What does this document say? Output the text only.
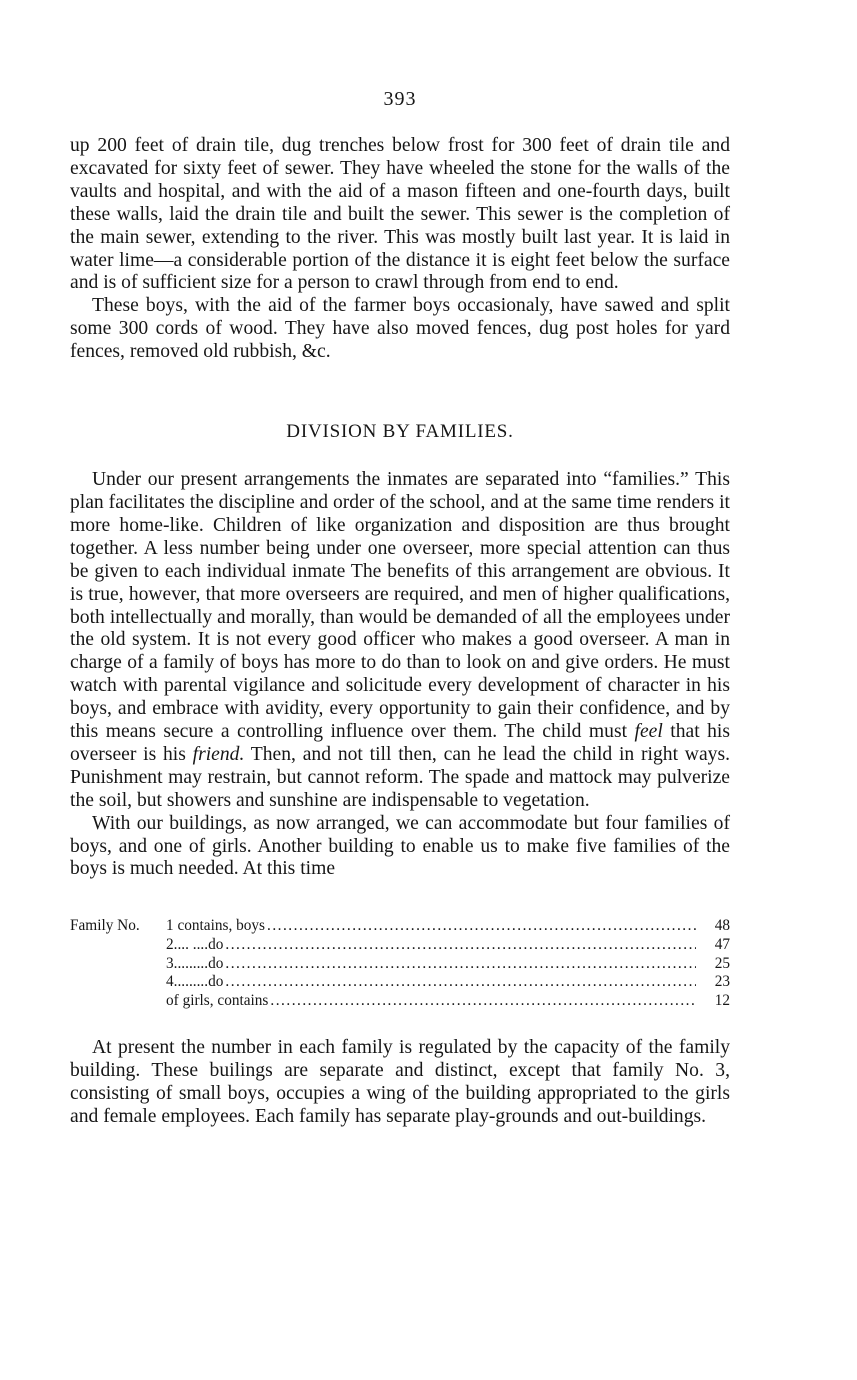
393

up 200 feet of drain tile, dug trenches below frost for 300 feet of drain tile and excavated for sixty feet of sewer. They have wheeled the stone for the walls of the vaults and hospital, and with the aid of a mason fifteen and one-fourth days, built these walls, laid the drain tile and built the sewer. This sewer is the completion of the main sewer, extending to the river. This was mostly built last year. It is laid in water lime—a considerable portion of the distance it is eight feet below the surface and is of sufficient size for a person to crawl through from end to end.

These boys, with the aid of the farmer boys occasionaly, have sawed and split some 300 cords of wood. They have also moved fences, dug post holes for yard fences, removed old rubbish, &c.

DIVISION BY FAMILIES.

Under our present arrangements the inmates are separated into “families.” This plan facilitates the discipline and order of the school, and at the same time renders it more home-like. Children of like organization and disposition are thus brought together. A less number being under one overseer, more special attention can thus be given to each individual inmate The benefits of this arrangement are obvious. It is true, however, that more overseers are required, and men of higher qualifications, both intellectually and morally, than would be demanded of all the employees under the old system. It is not every good officer who makes a good overseer. A man in charge of a family of boys has more to do than to look on and give orders. He must watch with parental vigilance and solicitude every development of character in his boys, and embrace with avidity, every opportunity to gain their confidence, and by this means secure a controlling influence over them. The child must feel that his overseer is his friend. Then, and not till then, can he lead the child in right ways. Punishment may restrain, but cannot reform. The spade and mattock may pulverize the soil, but showers and sunshine are indispensable to vegetation.

With our buildings, as now arranged, we can accommodate but four families of boys, and one of girls. Another building to enable us to make five families of the boys is much needed. At this time

Family No.	1 contains, boys .....	48
2.... ....do .....	47
3.........do .....	25
4.........do .....	23
of girls, contains .....	12

At present the number in each family is regulated by the capacity of the family building. These builings are separate and distinct, except that family No. 3, consisting of small boys, occupies a wing of the building appropriated to the girls and female employees. Each family has separate play-grounds and out-buildings.
